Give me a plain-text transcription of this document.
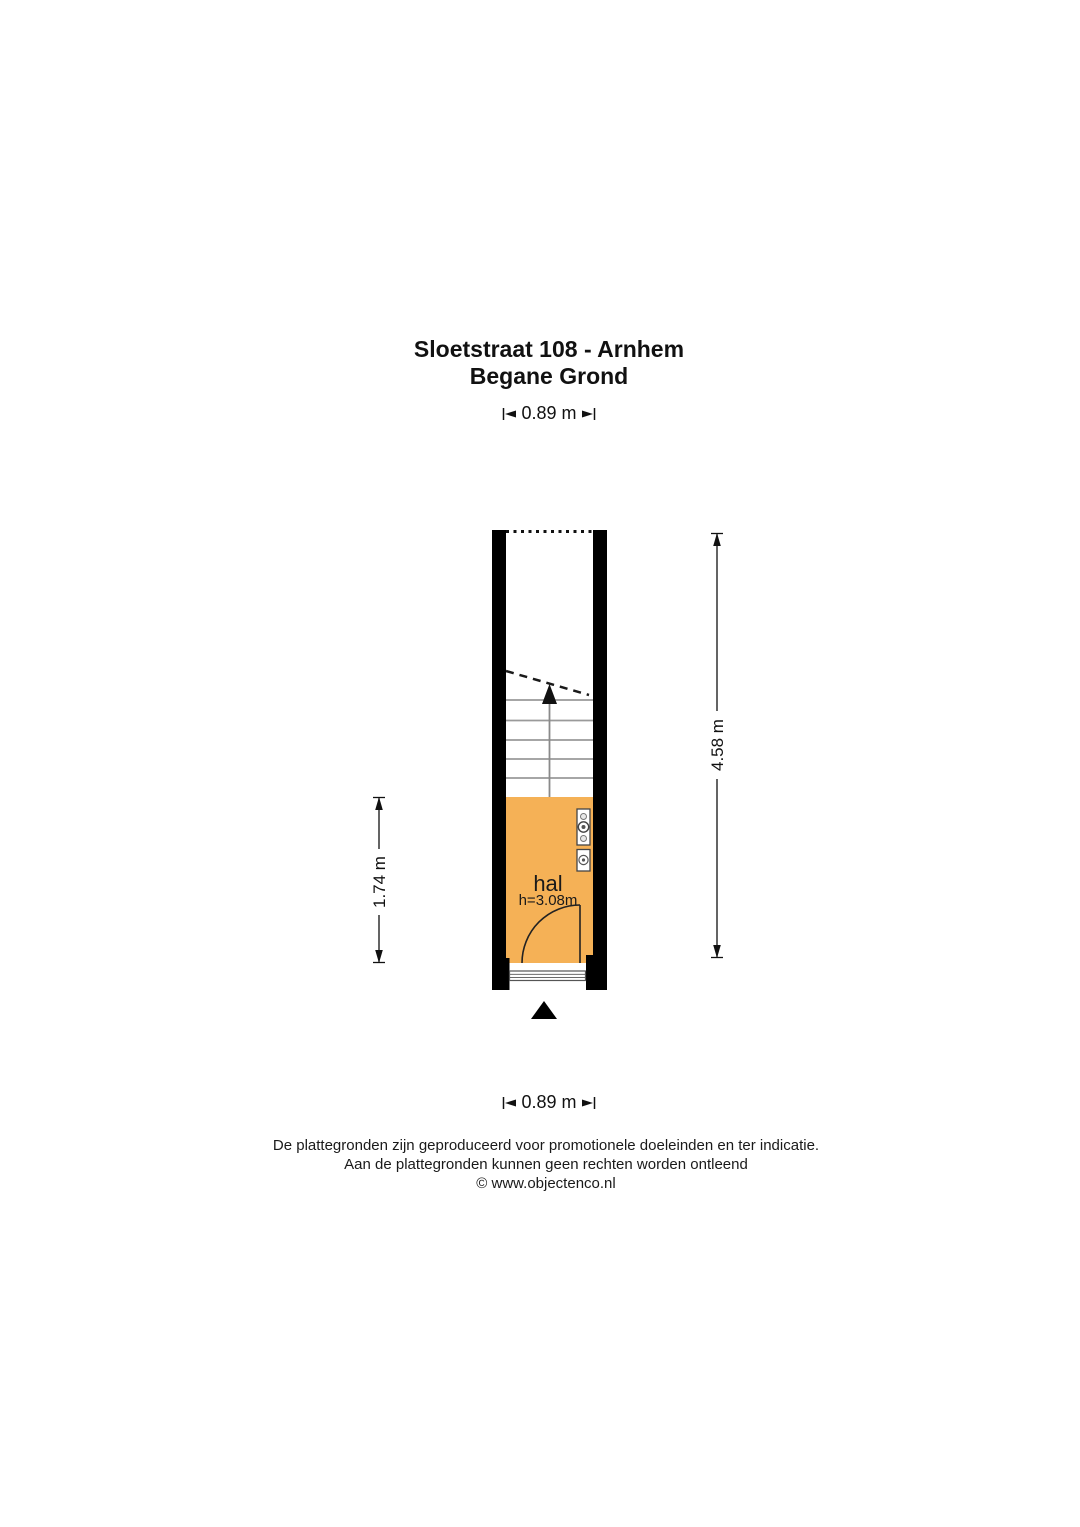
Sloetstraat 108 - Arnhem
Begane Grond
0.89 m
hal
h=3.08m
1.74 m
4.58 m
0.89 m
De plattegronden zijn geproduceerd voor promotionele doeleinden en ter indicatie.
Aan de plattegronden kunnen geen rechten worden ontleend
© www.objectenco.nl
